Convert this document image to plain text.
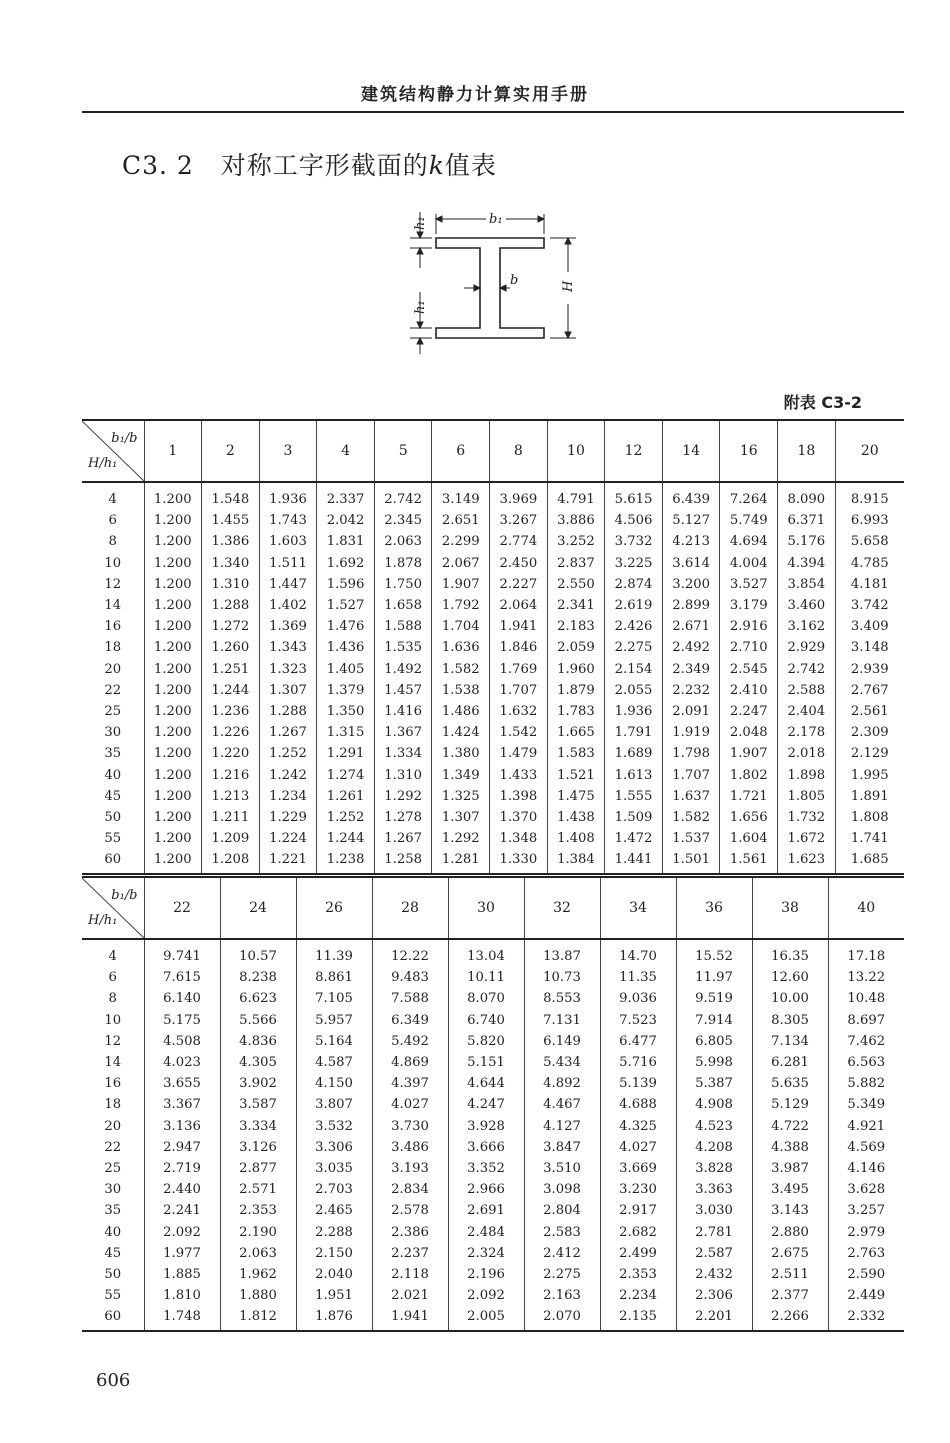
建筑结构静力计算实用手册
C3. 2 对称工字形截面的k值表
b₁
b	H
h₁
h₁
附表 C3-2
b₁/b
H/h₁	1	2	3	4	5	6	8	10	12	14	16	18	20
4	1.200	1.548	1.936	2.337	2.742	3.149	3.969	4.791	5.615	6.439	7.264	8.090	8.915
6	1.200	1.455	1.743	2.042	2.345	2.651	3.267	3.886	4.506	5.127	5.749	6.371	6.993
8	1.200	1.386	1.603	1.831	2.063	2.299	2.774	3.252	3.732	4.213	4.694	5.176	5.658
10	1.200	1.340	1.511	1.692	1.878	2.067	2.450	2.837	3.225	3.614	4.004	4.394	4.785
12	1.200	1.310	1.447	1.596	1.750	1.907	2.227	2.550	2.874	3.200	3.527	3.854	4.181
14	1.200	1.288	1.402	1.527	1.658	1.792	2.064	2.341	2.619	2.899	3.179	3.460	3.742
16	1.200	1.272	1.369	1.476	1.588	1.704	1.941	2.183	2.426	2.671	2.916	3.162	3.409
18	1.200	1.260	1.343	1.436	1.535	1.636	1.846	2.059	2.275	2.492	2.710	2.929	3.148
20	1.200	1.251	1.323	1.405	1.492	1.582	1.769	1.960	2.154	2.349	2.545	2.742	2.939
22	1.200	1.244	1.307	1.379	1.457	1.538	1.707	1.879	2.055	2.232	2.410	2.588	2.767
25	1.200	1.236	1.288	1.350	1.416	1.486	1.632	1.783	1.936	2.091	2.247	2.404	2.561
30	1.200	1.226	1.267	1.315	1.367	1.424	1.542	1.665	1.791	1.919	2.048	2.178	2.309
35	1.200	1.220	1.252	1.291	1.334	1.380	1.479	1.583	1.689	1.798	1.907	2.018	2.129
40	1.200	1.216	1.242	1.274	1.310	1.349	1.433	1.521	1.613	1.707	1.802	1.898	1.995
45	1.200	1.213	1.234	1.261	1.292	1.325	1.398	1.475	1.555	1.637	1.721	1.805	1.891
50	1.200	1.211	1.229	1.252	1.278	1.307	1.370	1.438	1.509	1.582	1.656	1.732	1.808
55	1.200	1.209	1.224	1.244	1.267	1.292	1.348	1.408	1.472	1.537	1.604	1.672	1.741
60	1.200	1.208	1.221	1.238	1.258	1.281	1.330	1.384	1.441	1.501	1.561	1.623	1.685
b₁/b
H/h₁	22	24	26	28	30	32	34	36	38	40
4	9.741	10.57	11.39	12.22	13.04	13.87	14.70	15.52	16.35	17.18
6	7.615	8.238	8.861	9.483	10.11	10.73	11.35	11.97	12.60	13.22
8	6.140	6.623	7.105	7.588	8.070	8.553	9.036	9.519	10.00	10.48
10	5.175	5.566	5.957	6.349	6.740	7.131	7.523	7.914	8.305	8.697
12	4.508	4.836	5.164	5.492	5.820	6.149	6.477	6.805	7.134	7.462
14	4.023	4.305	4.587	4.869	5.151	5.434	5.716	5.998	6.281	6.563
16	3.655	3.902	4.150	4.397	4.644	4.892	5.139	5.387	5.635	5.882
18	3.367	3.587	3.807	4.027	4.247	4.467	4.688	4.908	5.129	5.349
20	3.136	3.334	3.532	3.730	3.928	4.127	4.325	4.523	4.722	4.921
22	2.947	3.126	3.306	3.486	3.666	3.847	4.027	4.208	4.388	4.569
25	2.719	2.877	3.035	3.193	3.352	3.510	3.669	3.828	3.987	4.146
30	2.440	2.571	2.703	2.834	2.966	3.098	3.230	3.363	3.495	3.628
35	2.241	2.353	2.465	2.578	2.691	2.804	2.917	3.030	3.143	3.257
40	2.092	2.190	2.288	2.386	2.484	2.583	2.682	2.781	2.880	2.979
45	1.977	2.063	2.150	2.237	2.324	2.412	2.499	2.587	2.675	2.763
50	1.885	1.962	2.040	2.118	2.196	2.275	2.353	2.432	2.511	2.590
55	1.810	1.880	1.951	2.021	2.092	2.163	2.234	2.306	2.377	2.449
60	1.748	1.812	1.876	1.941	2.005	2.070	2.135	2.201	2.266	2.332
606
